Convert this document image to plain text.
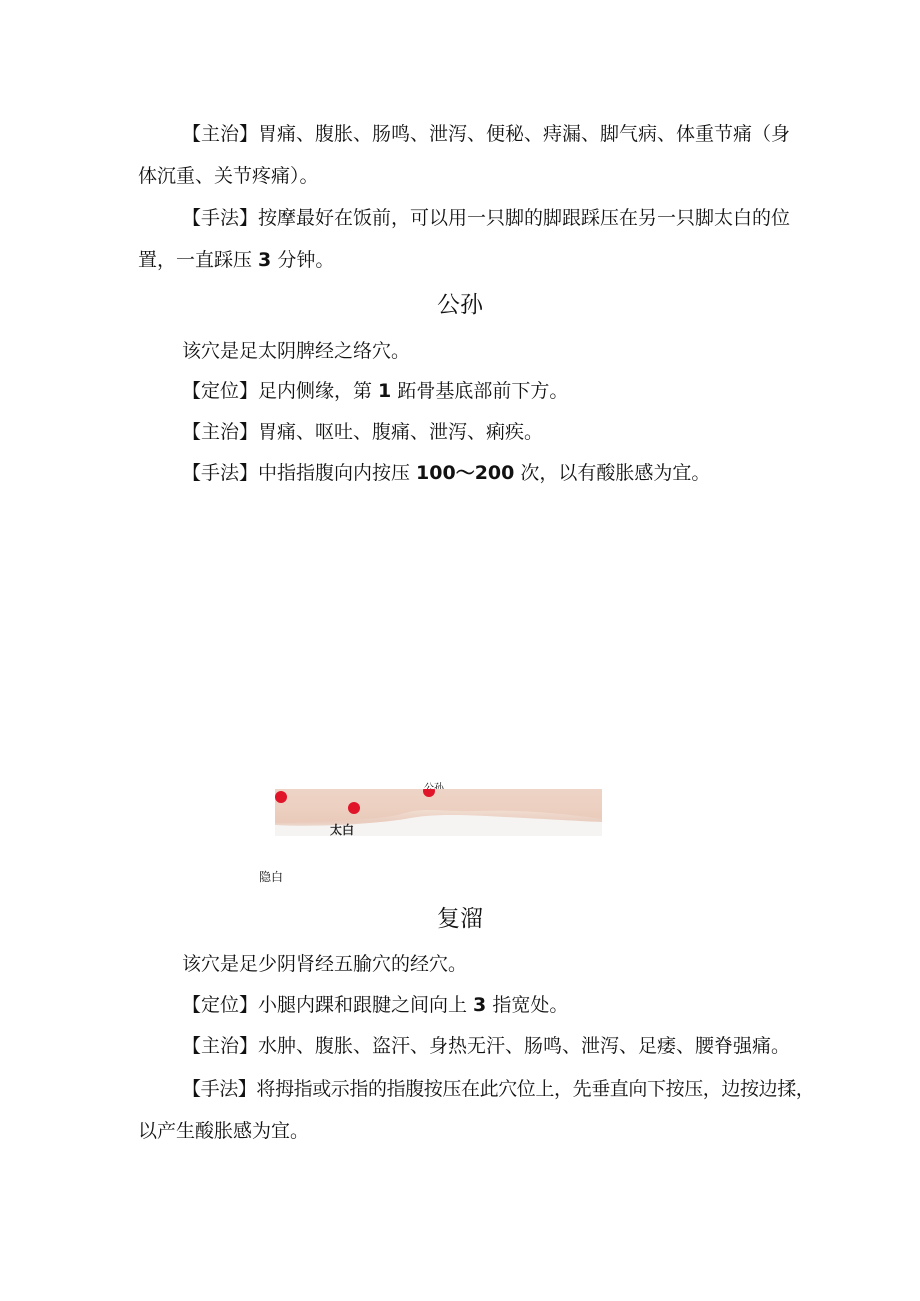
【主治】胃痛、腹胀、肠鸣、泄泻、便秘、痔漏、脚气病、体重节痛（身
体沉重、关节疼痛）。
【手法】按摩最好在饭前，可以用一只脚的脚跟踩压在另一只脚太白的位
置，一直踩压 3 分钟。
公孙
该穴是足太阴脾经之络穴。
【定位】足内侧缘，第 1 跖骨基底部前下方。
【主治】胃痛、呕吐、腹痛、泄泻、痢疾。
【手法】中指指腹向内按压 100～200 次，以有酸胀感为宜。
太白
隐白
复溜
该穴是足少阴肾经五腧穴的经穴。
【定位】小腿内踝和跟腱之间向上 3 指宽处。
【主治】水肿、腹胀、盗汗、身热无汗、肠鸣、泄泻、足痿、腰脊强痛。
【手法】将拇指或示指的指腹按压在此穴位上，先垂直向下按压，边按边揉，
以产生酸胀感为宜。
